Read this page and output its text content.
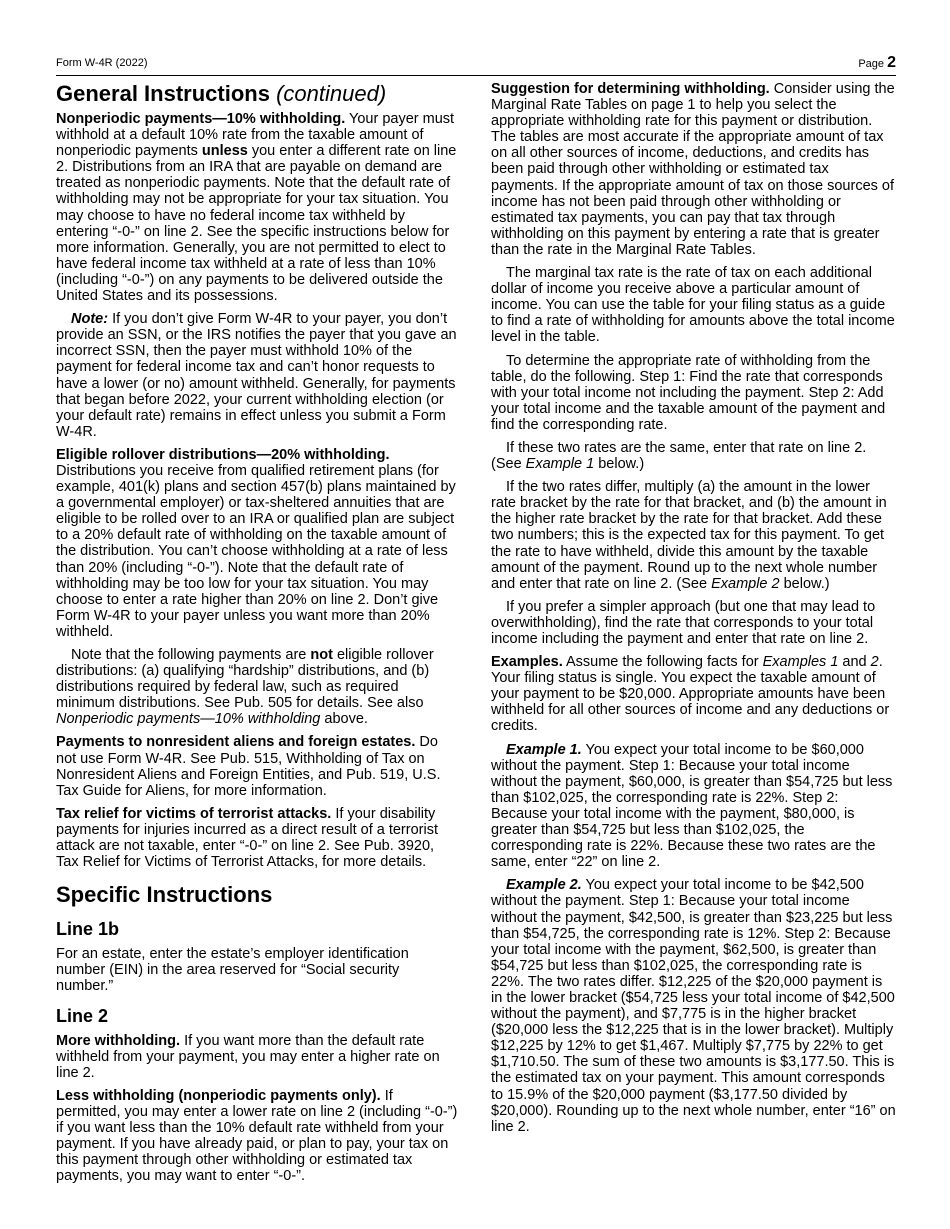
Form W-4R (2022)	Page 2
General Instructions (continued)

Nonperiodic payments—10% withholding. Your payer must withhold at a default 10% rate from the taxable amount of nonperiodic payments unless you enter a different rate on line 2. Distributions from an IRA that are payable on demand are treated as nonperiodic payments. Note that the default rate of withholding may not be appropriate for your tax situation. You may choose to have no federal income tax withheld by entering “-0-” on line 2. See the specific instructions below for more information. Generally, you are not permitted to elect to have federal income tax withheld at a rate of less than 10% (including “-0-”) on any payments to be delivered outside the United States and its possessions.

Note: If you don’t give Form W-4R to your payer, you don’t provide an SSN, or the IRS notifies the payer that you gave an incorrect SSN, then the payer must withhold 10% of the payment for federal income tax and can’t honor requests to have a lower (or no) amount withheld. Generally, for payments that began before 2022, your current withholding election (or your default rate) remains in effect unless you submit a Form W-4R.

Eligible rollover distributions—20% withholding. Distributions you receive from qualified retirement plans (for example, 401(k) plans and section 457(b) plans maintained by a governmental employer) or tax-sheltered annuities that are eligible to be rolled over to an IRA or qualified plan are subject to a 20% default rate of withholding on the taxable amount of the distribution. You can’t choose withholding at a rate of less than 20% (including “-0-”). Note that the default rate of withholding may be too low for your tax situation. You may choose to enter a rate higher than 20% on line 2. Don’t give Form W-4R to your payer unless you want more than 20% withheld.

Note that the following payments are not eligible rollover distributions: (a) qualifying “hardship” distributions, and (b) distributions required by federal law, such as required minimum distributions. See Pub. 505 for details. See also Nonperiodic payments—10% withholding above.

Payments to nonresident aliens and foreign estates. Do not use Form W-4R. See Pub. 515, Withholding of Tax on Nonresident Aliens and Foreign Entities, and Pub. 519, U.S. Tax Guide for Aliens, for more information.

Tax relief for victims of terrorist attacks. If your disability payments for injuries incurred as a direct result of a terrorist attack are not taxable, enter “-0-” on line 2. See Pub. 3920, Tax Relief for Victims of Terrorist Attacks, for more details.

Specific Instructions
Line 1b

For an estate, enter the estate’s employer identification number (EIN) in the area reserved for “Social security number.”

Line 2

More withholding. If you want more than the default rate withheld from your payment, you may enter a higher rate on line 2.

Less withholding (nonperiodic payments only). If permitted, you may enter a lower rate on line 2 (including “-0-”) if you want less than the 10% default rate withheld from your payment. If you have already paid, or plan to pay, your tax on this payment through other withholding or estimated tax payments, you may want to enter “-0-”.

Suggestion for determining withholding. Consider using the Marginal Rate Tables on page 1 to help you select the appropriate withholding rate for this payment or distribution. The tables are most accurate if the appropriate amount of tax on all other sources of income, deductions, and credits has been paid through other withholding or estimated tax payments. If the appropriate amount of tax on those sources of income has not been paid through other withholding or estimated tax payments, you can pay that tax through withholding on this payment by entering a rate that is greater than the rate in the Marginal Rate Tables.

The marginal tax rate is the rate of tax on each additional dollar of income you receive above a particular amount of income. You can use the table for your filing status as a guide to find a rate of withholding for amounts above the total income level in the table.

To determine the appropriate rate of withholding from the table, do the following. Step 1: Find the rate that corresponds with your total income not including the payment. Step 2: Add your total income and the taxable amount of the payment and find the corresponding rate.

If these two rates are the same, enter that rate on line 2. (See Example 1 below.)

If the two rates differ, multiply (a) the amount in the lower rate bracket by the rate for that bracket, and (b) the amount in the higher rate bracket by the rate for that bracket. Add these two numbers; this is the expected tax for this payment. To get the rate to have withheld, divide this amount by the taxable amount of the payment. Round up to the next whole number and enter that rate on line 2. (See Example 2 below.)

If you prefer a simpler approach (but one that may lead to overwithholding), find the rate that corresponds to your total income including the payment and enter that rate on line 2.

Examples. Assume the following facts for Examples 1 and 2. Your filing status is single. You expect the taxable amount of your payment to be $20,000. Appropriate amounts have been withheld for all other sources of income and any deductions or credits.

Example 1. You expect your total income to be $60,000 without the payment. Step 1: Because your total income without the payment, $60,000, is greater than $54,725 but less than $102,025, the corresponding rate is 22%. Step 2: Because your total income with the payment, $80,000, is greater than $54,725 but less than $102,025, the corresponding rate is 22%. Because these two rates are the same, enter “22” on line 2.

Example 2. You expect your total income to be $42,500 without the payment. Step 1: Because your total income without the payment, $42,500, is greater than $23,225 but less than $54,725, the corresponding rate is 12%. Step 2: Because your total income with the payment, $62,500, is greater than $54,725 but less than $102,025, the corresponding rate is 22%. The two rates differ. $12,225 of the $20,000 payment is in the lower bracket ($54,725 less your total income of $42,500 without the payment), and $7,775 is in the higher bracket ($20,000 less the $12,225 that is in the lower bracket). Multiply $12,225 by 12% to get $1,467. Multiply $7,775 by 22% to get $1,710.50. The sum of these two amounts is $3,177.50. This is the estimated tax on your payment. This amount corresponds to 15.9% of the $20,000 payment ($3,177.50 divided by $20,000). Rounding up to the next whole number, enter “16” on line 2.
